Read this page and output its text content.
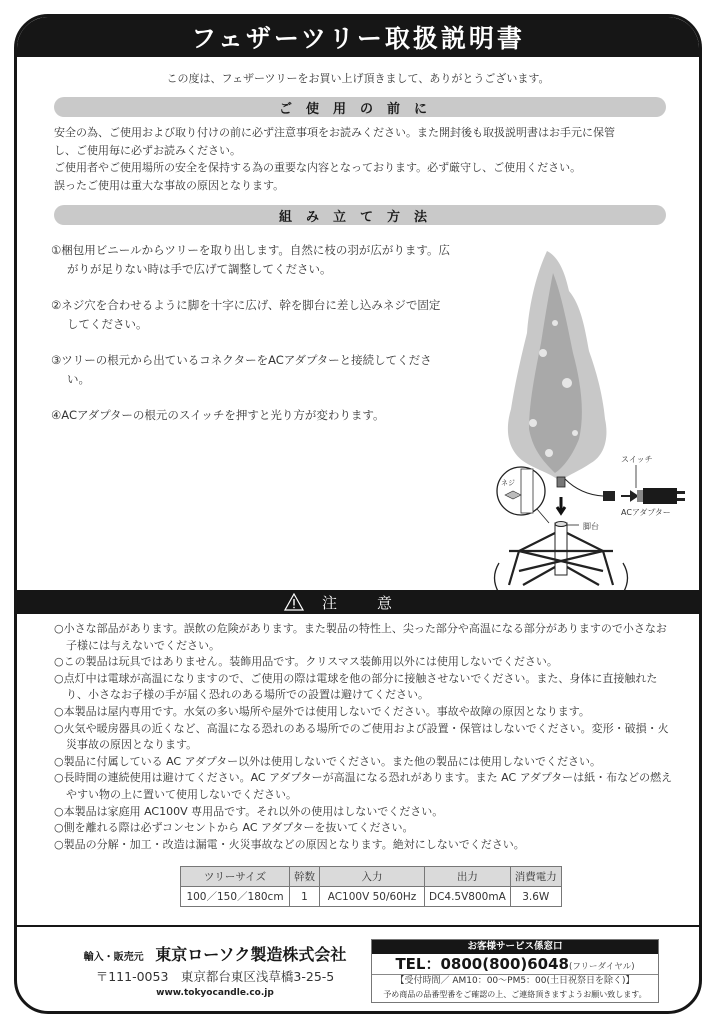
フェザーツリー取扱説明書
この度は、フェザーツリーをお買い上げ頂きまして、ありがとうございます。
ご使用の前に
安全の為、ご使用および取り付けの前に必ず注意事項をお読みください。また開封後も取扱説明書はお手元に保管
し、ご使用毎に必ずお読みください。
ご使用者やご使用場所の安全を保持する為の重要な内容となっております。必ず厳守し、ご使用ください。
誤ったご使用は重大な事故の原因となります。
組み立て方法
①梱包用ビニールからツリーを取り出します。自然に枝の羽が広がります。広がりが足りない時は手で広げて調整してください。
②ネジ穴を合わせるように脚を十字に広げ、幹を脚台に差し込みネジで固定してください。
③ツリーの根元から出ているコネクターをACアダプターと接続してください。
④ACアダプターの根元のスイッチを押すと光り方が変わります。
スイッチ
ACアダプター
ネジ
脚台
注意
○小さな部品があります。誤飲の危険があります。また製品の特性上、尖った部分や高温になる部分がありますので小さなお子様には与えないでください。
○この製品は玩具ではありません。装飾用品です。クリスマス装飾用以外には使用しないでください。
○点灯中は電球が高温になりますので、ご使用の際は電球を他の部分に接触させないでください。また、身体に直接触れたり、小さなお子様の手が届く恐れのある場所での設置は避けてください。
○本製品は屋内専用です。水気の多い場所や屋外では使用しないでください。事故や故障の原因となります。
○火気や暖房器具の近くなど、高温になる恐れのある場所でのご使用および設置・保管はしないでください。変形・破損・火災事故の原因となります。
○製品に付属している AC アダプター以外は使用しないでください。また他の製品には使用しないでください。
○長時間の連続使用は避けてください。AC アダプターが高温になる恐れがあります。また AC アダプターは紙・布などの燃えやすい物の上に置いて使用しないでください。
○本製品は家庭用 AC100V 専用品です。それ以外の使用はしないでください。
○側を離れる際は必ずコンセントから AC アダプターを抜いてください。
○製品の分解・加工・改造は漏電・火災事故などの原因となります。絶対にしないでください。
ツリーサイズ	幹数	入力	出力	消費電力
100／150／180cm	1	AC100V 50/60Hz	DC4.5V800mA	3.6W
輸入・販売元 東京ローソク製造株式会社
〒111-0053　東京都台東区浅草橋3-25-5
www.tokyocandle.co.jp
お客様サービス係窓口
TEL：0800(800)6048(フリーダイヤル)
【受付時間／ AM10：00〜PM5：00(土日祝祭日を除く)】
予め商品の品番型番をご確認の上、ご連絡頂きますようお願い致します。
